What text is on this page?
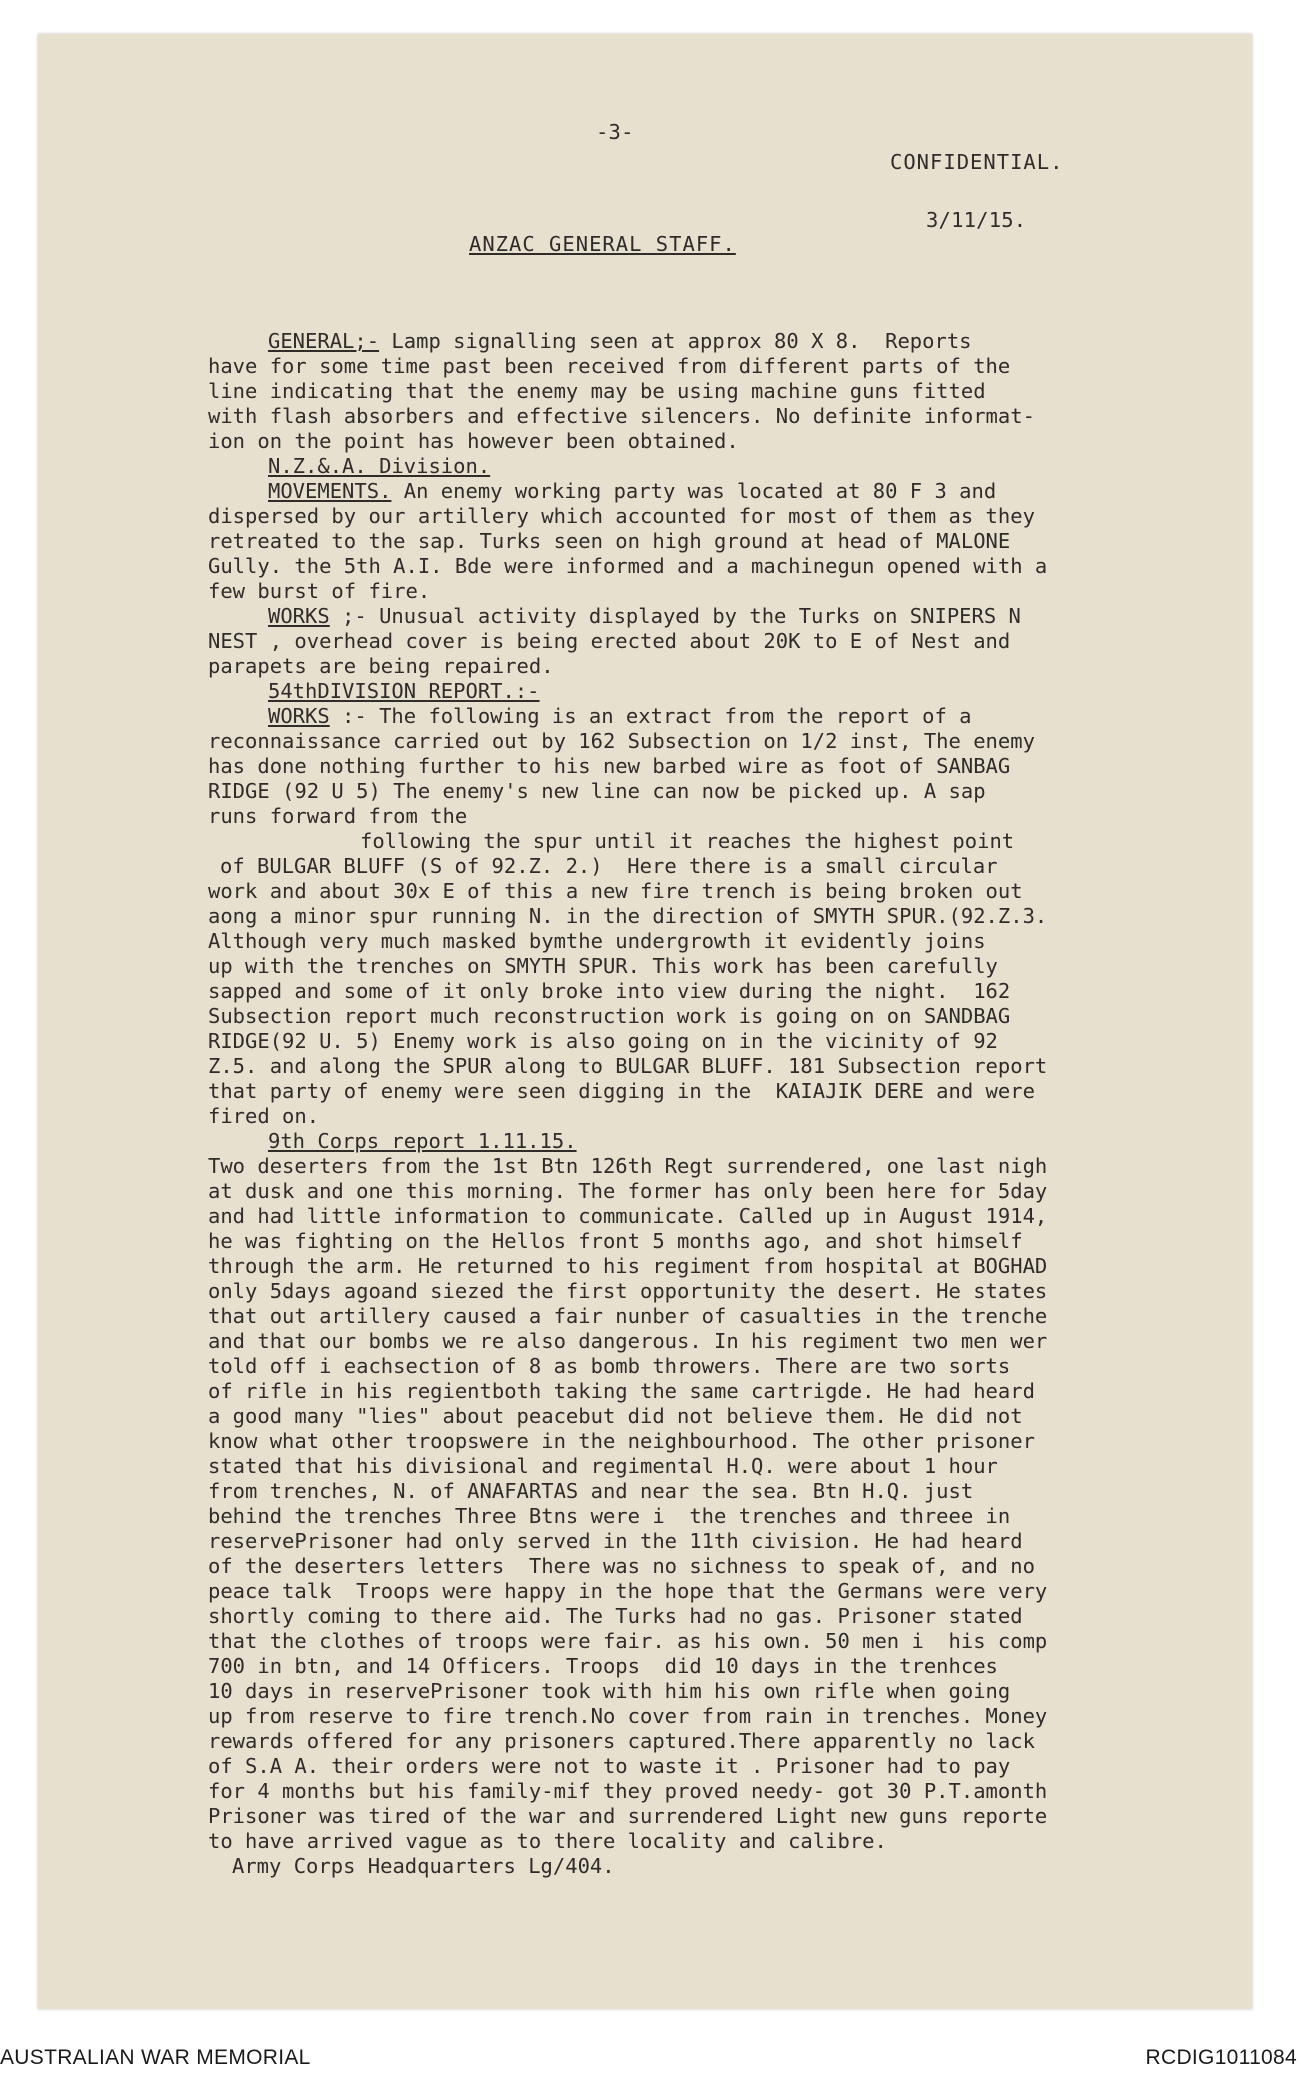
-3-
CONFIDENTIAL.
3/11/15.
ANZAC GENERAL STAFF.
GENERAL;- Lamp signalling seen at approx 80 X 8.  Reports
have for some time past been received from different parts of the
line indicating that the enemy may be using machine guns fitted
with flash absorbers and effective silencers. No definite informat-
ion on the point has however been obtained.
N.Z.&.A. Division.
MOVEMENTS. An enemy working party was located at 80 F 3 and
dispersed by our artillery which accounted for most of them as they
retreated to the sap. Turks seen on high ground at head of MALONE
Gully. the 5th A.I. Bde were informed and a machinegun opened with a
few burst of fire.
WORKS ;- Unusual activity displayed by the Turks on SNIPERS N
NEST , overhead cover is being erected about 20K to E of Nest and
parapets are being repaired.
54thDIVISION REPORT.:-
WORKS :- The following is an extract from the report of a
reconnaissance carried out by 162 Subsection on 1/2 inst, The enemy
has done nothing further to his new barbed wire as foot of SANBAG
RIDGE (92 U 5) The enemy's new line can now be picked up. A sap
runs forward from the
following the spur until it reaches the highest point
of BULGAR BLUFF (S of 92.Z. 2.)  Here there is a small circular
work and about 30x E of this a new fire trench is being broken out
aong a minor spur running N. in the direction of SMYTH SPUR.(92.Z.3.
Although very much masked bymthe undergrowth it evidently joins
up with the trenches on SMYTH SPUR. This work has been carefully
sapped and some of it only broke into view during the night.  162
Subsection report much reconstruction work is going on on SANDBAG
RIDGE(92 U. 5) Enemy work is also going on in the vicinity of 92
Z.5. and along the SPUR along to BULGAR BLUFF. 181 Subsection report
that party of enemy were seen digging in the  KAIAJIK DERE and were
fired on.
9th Corps report 1.11.15.
Two deserters from the 1st Btn 126th Regt surrendered, one last nigh
at dusk and one this morning. The former has only been here for 5day
and had little information to communicate. Called up in August 1914,
he was fighting on the Hellos front 5 months ago, and shot himself
through the arm. He returned to his regiment from hospital at BOGHAD
only 5days agoand siezed the first opportunity the desert. He states
that out artillery caused a fair nunber of casualties in the trenche
and that our bombs we re also dangerous. In his regiment two men wer
told off i eachsection of 8 as bomb throwers. There are two sorts
of rifle in his regientboth taking the same cartrigde. He had heard
a good many "lies" about peacebut did not believe them. He did not
know what other troopswere in the neighbourhood. The other prisoner
stated that his divisional and regimental H.Q. were about 1 hour
from trenches, N. of ANAFARTAS and near the sea. Btn H.Q. just
behind the trenches Three Btns were i  the trenches and threee in
reservePrisoner had only served in the 11th civision. He had heard
of the deserters letters  There was no sichness to speak of, and no
peace talk  Troops were happy in the hope that the Germans were very
shortly coming to there aid. The Turks had no gas. Prisoner stated
that the clothes of troops were fair. as his own. 50 men i  his comp
700 in btn, and 14 Officers. Troops  did 10 days in the trenhces
10 days in reservePrisoner took with him his own rifle when going
up from reserve to fire trench.No cover from rain in trenches. Money
rewards offered for any prisoners captured.There apparently no lack
of S.A A. their orders were not to waste it . Prisoner had to pay
for 4 months but his family-mif they proved needy- got 30 P.T.amonth
Prisoner was tired of the war and surrendered Light new guns reporte
to have arrived vague as to there locality and calibre.
Army Corps Headquarters Lg/404.
AUSTRALIAN WAR MEMORIAL	RCDIG1011084
